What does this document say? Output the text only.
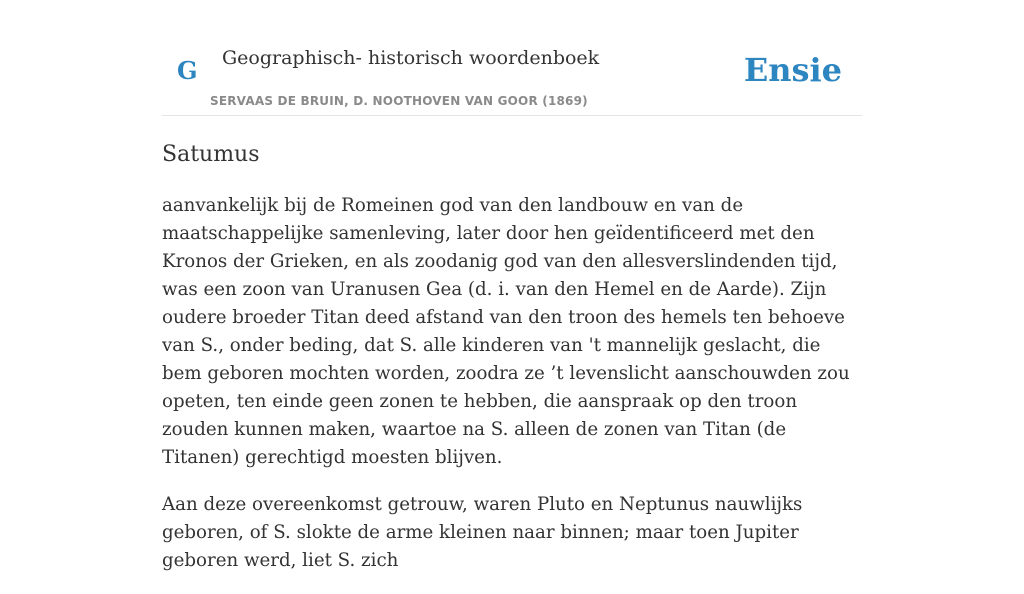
G Geographisch- historisch woordenboek
SERVAAS DE BRUIN, D. NOOTHOVEN VAN GOOR (1869)
Ensie
Satumus

aanvankelijk bij de Romeinen god van den landbouw en van de maatschappelijke samenleving, later door hen geïdentificeerd met den Kronos der Grieken, en als zoodanig god van den allesverslindenden tijd, was een zoon van Uranusen Gea (d. i. van den Hemel en de Aarde). Zijn oudere broeder Titan deed afstand van den troon des hemels ten behoeve van S., onder beding, dat S. alle kinderen van 't mannelijk geslacht, die bem geboren mochten worden, zoodra ze ’t levenslicht aanschouwden zou opeten, ten einde geen zonen te hebben, die aanspraak op den troon zouden kunnen maken, waartoe na S. alleen de zonen van Titan (de Titanen) gerechtigd moesten blijven.

Aan deze overeenkomst getrouw, waren Pluto en Neptunus nauwlijks geboren, of S. slokte de arme kleinen naar binnen; maar toen Jupiter geboren werd, liet S. zich
